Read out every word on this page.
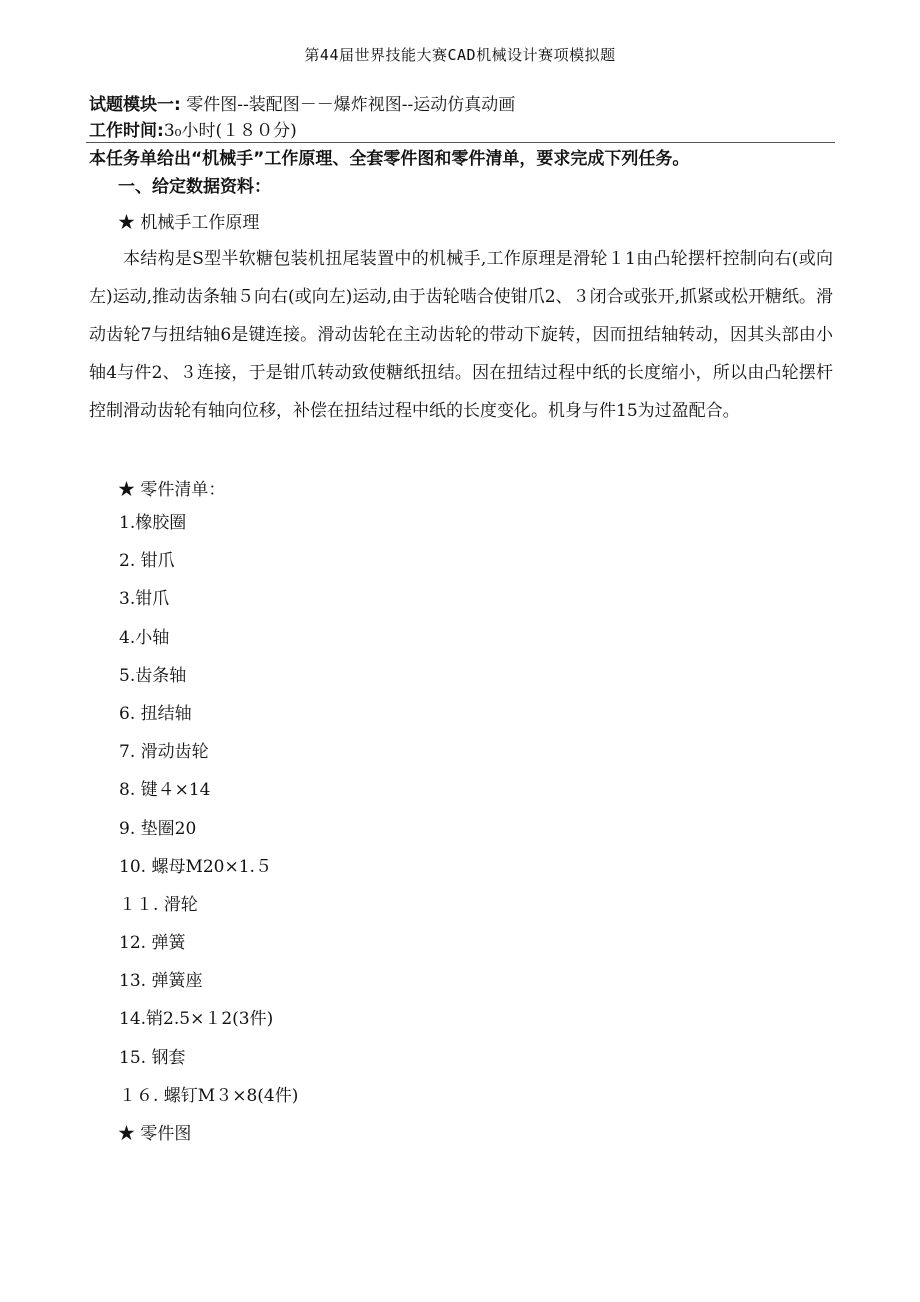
第44届世界技能大赛CAD机械设计赛项模拟题
试题模块一: 零件图--装配图－－爆炸视图--运动仿真动画
工作时间:3₀小时(１８０分)
本任务单给出“机械手”工作原理、全套零件图和零件清单，要求完成下列任务。
一、给定数据资料：
★ 机械手工作原理

本结构是S型半软糖包装机扭尾装置中的机械手,工作原理是滑轮１1由凸轮摆杆控制向右(或向左)运动,推动齿条轴５向右(或向左)运动,由于齿轮啮合使钳爪2、３闭合或张开,抓紧或松开糖纸。滑动齿轮7与扭结轴6是键连接。滑动齿轮在主动齿轮的带动下旋转，因而扭结轴转动，因其头部由小轴4与件2、３连接，于是钳爪转动致使糖纸扭结。因在扭结过程中纸的长度缩小，所以由凸轮摆杆控制滑动齿轮有轴向位移，补偿在扭结过程中纸的长度变化。机身与件15为过盈配合。

★ 零件清单：
1.橡胶圈
2. 钳爪
3.钳爪
4.小轴
5.齿条轴
6. 扭结轴
7. 滑动齿轮
8. 键４×14
9. 垫圈20
10. 螺母M20×1.５
１１. 滑轮
12. 弹簧
13. 弹簧座
14.销2.5×１2(3件)
15. 钢套
１６. 螺钉M３×8(4件)
★ 零件图
